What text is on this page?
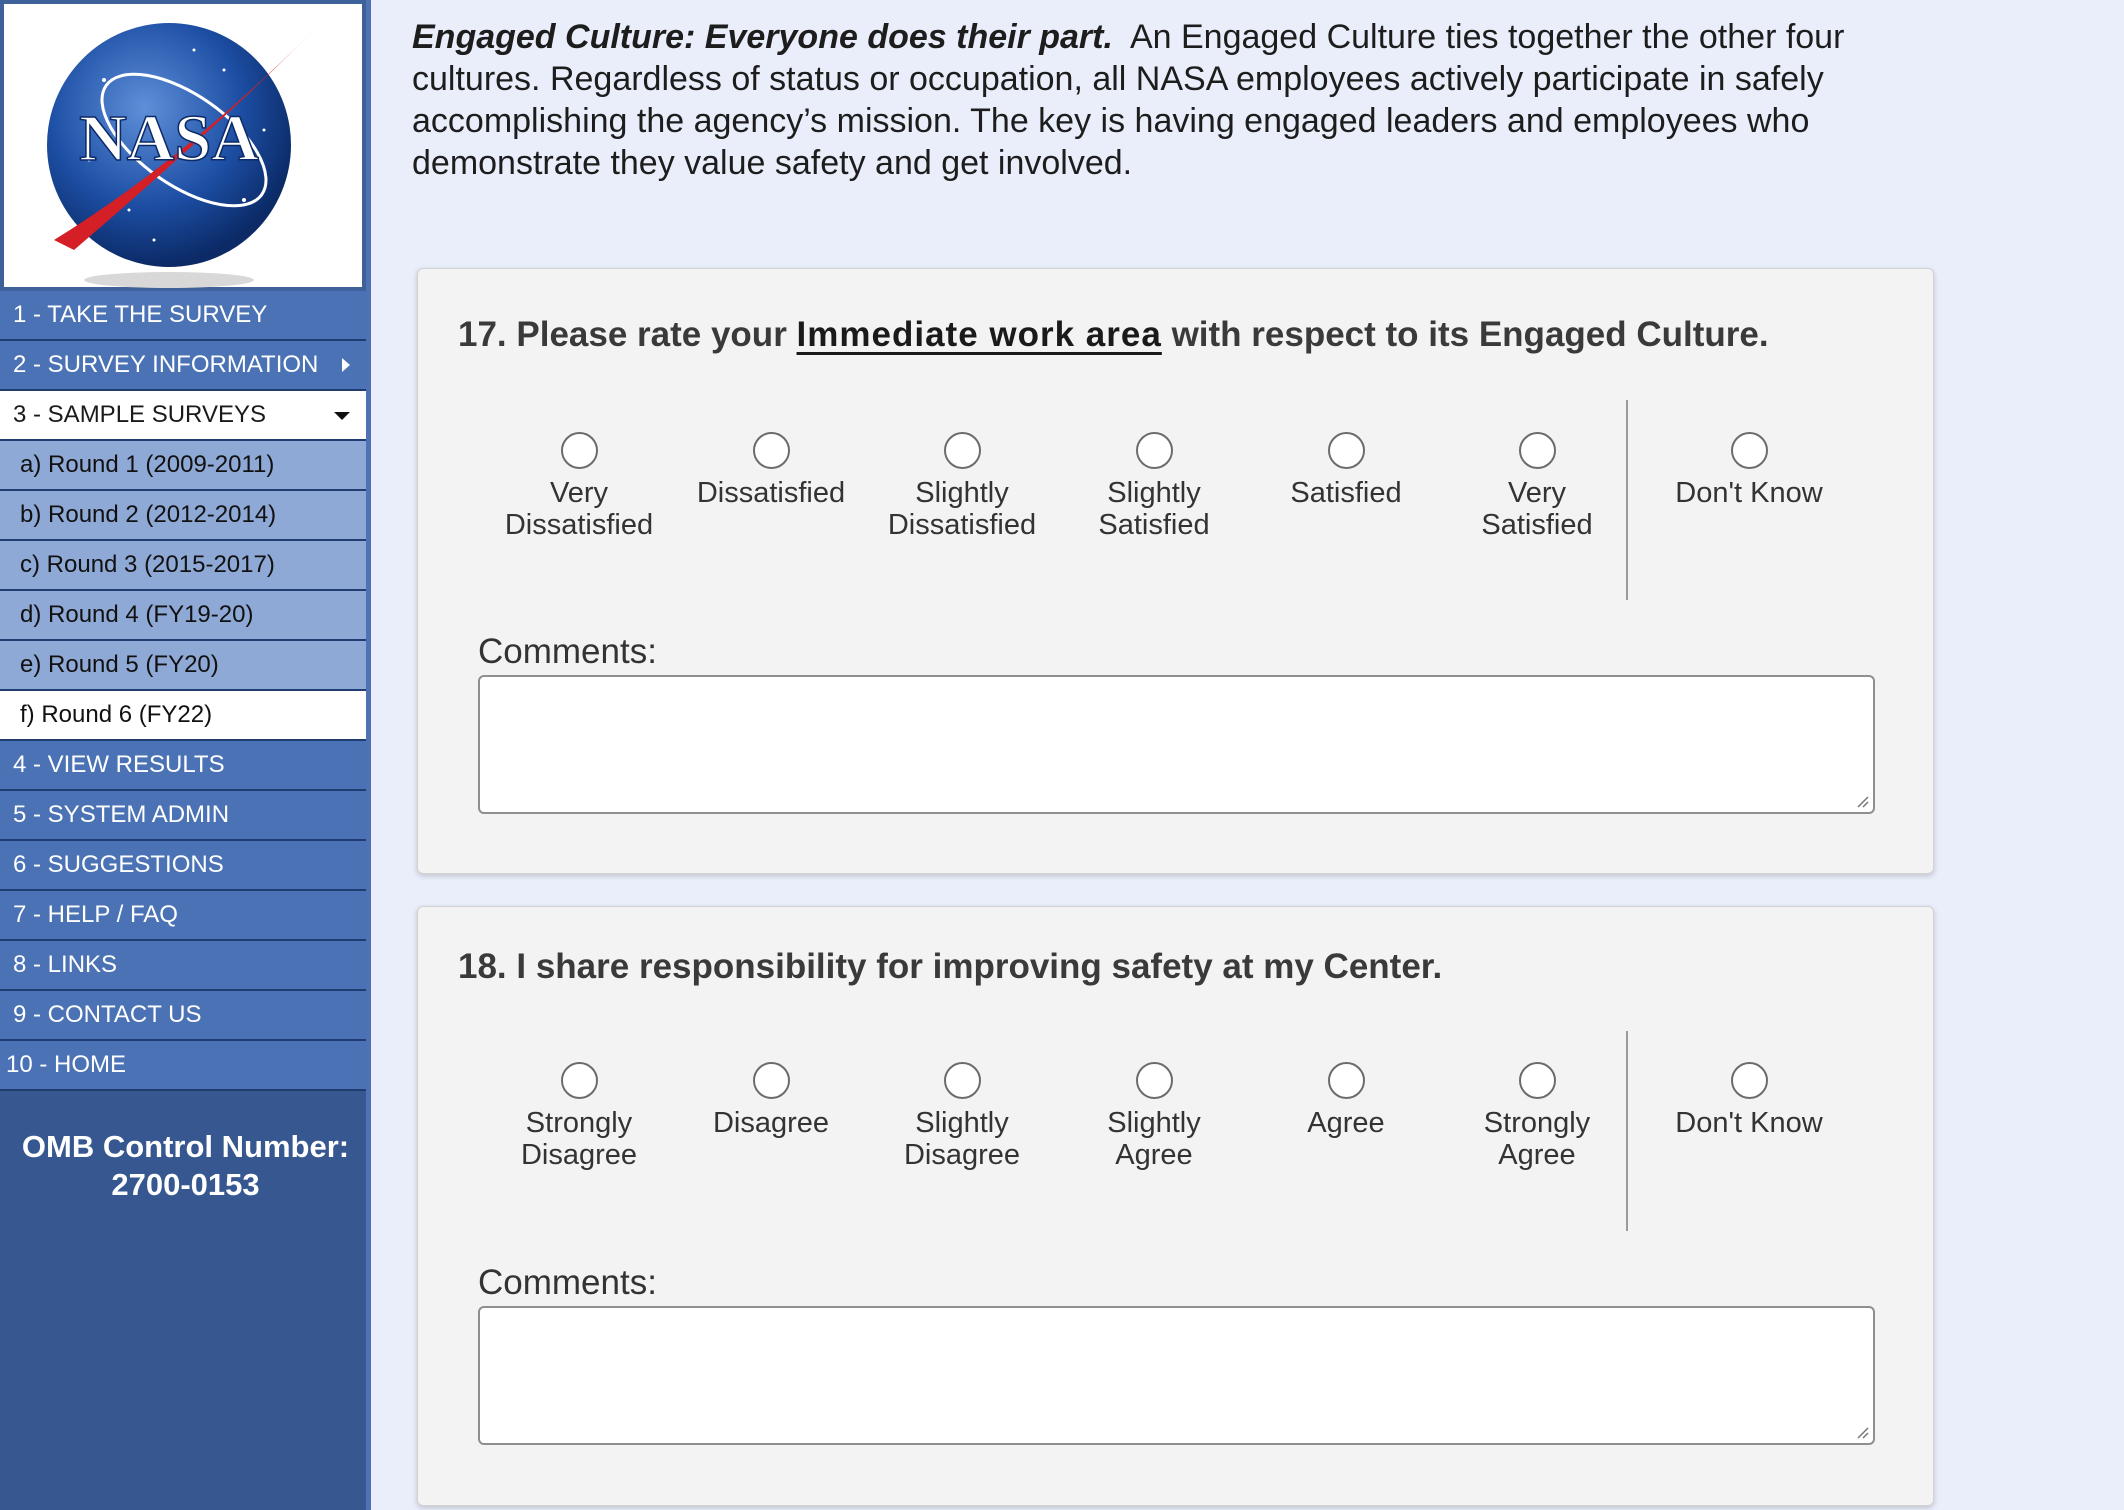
NASA
1 - TAKE THE SURVEY
2 - SURVEY INFORMATION
3 - SAMPLE SURVEYS
a) Round 1 (2009-2011)
b) Round 2 (2012-2014)
c) Round 3 (2015-2017)
d) Round 4 (FY19-20)
e) Round 5 (FY20)
f) Round 6 (FY22)
4 - VIEW RESULTS
5 - SYSTEM ADMIN
6 - SUGGESTIONS
7 - HELP / FAQ
8 - LINKS
9 - CONTACT US
10 - HOME
OMB Control Number:
2700-0153
Engaged Culture: Everyone does their part. An Engaged Culture ties together the other four cultures. Regardless of status or occupation, all NASA employees actively participate in safely accomplishing the agency’s mission. The key is having engaged leaders and employees who demonstrate they value safety and get involved.
17. Please rate your Immediate work area with respect to its Engaged Culture.
Very
Dissatisfied
Dissatisfied	Slightly
Dissatisfied
Slightly
Satisfied
Satisfied	Very
Satisfied
Don't Know
Comments:
18. I share responsibility for improving safety at my Center.
Strongly
Disagree
Disagree	Slightly
Disagree
Slightly
Agree
Agree	Strongly
Agree
Don't Know
Comments:
